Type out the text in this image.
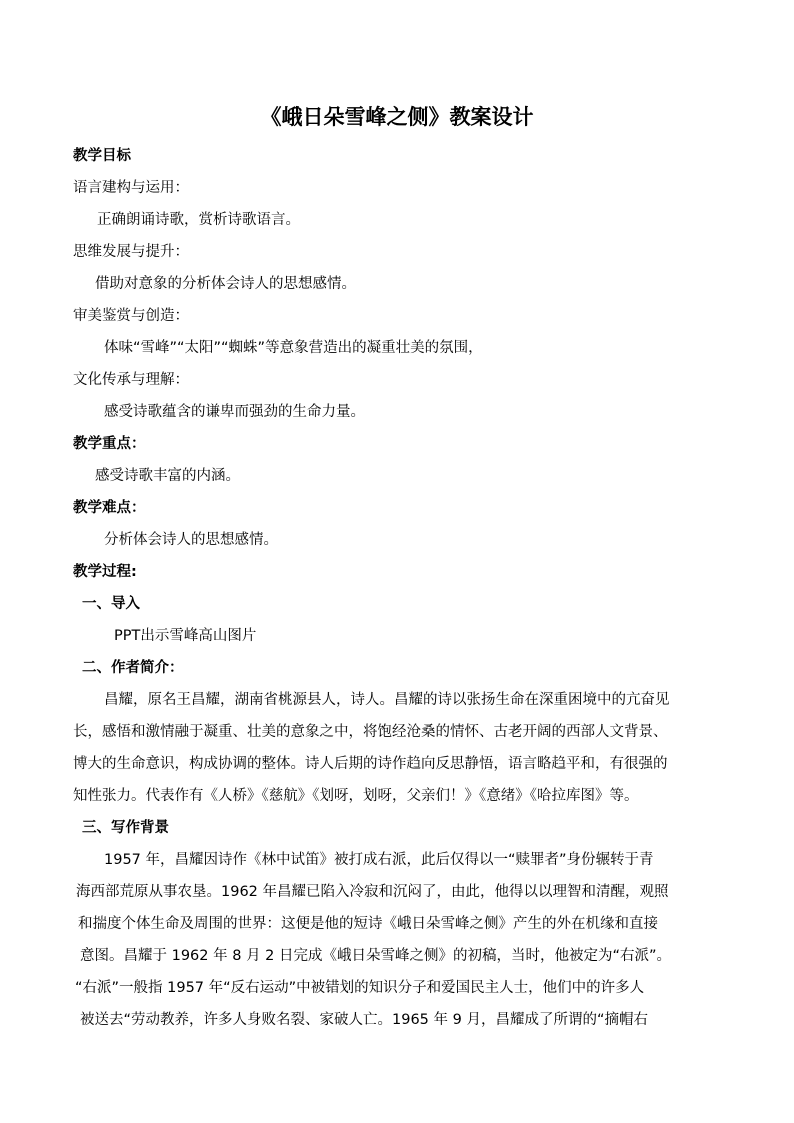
《峨日朵雪峰之侧》教案设计
教学目标
语言建构与运用：
正确朗诵诗歌，赏析诗歌语言。
思维发展与提升：
借助对意象的分析体会诗人的思想感情。
审美鉴赏与创造：
体味“雪峰”“太阳”“蜘蛛”等意象营造出的凝重壮美的氛围，
文化传承与理解：
感受诗歌蕴含的谦卑而强劲的生命力量。
教学重点：
感受诗歌丰富的内涵。
教学难点：
分析体会诗人的思想感情。
教学过程:
一、导入
PPT出示雪峰高山图片
二、作者简介：
昌耀，原名王昌耀，湖南省桃源县人，诗人。昌耀的诗以张扬生命在深重困境中的亢奋见
长，感悟和激情融于凝重、壮美的意象之中，将饱经沧桑的情怀、古老开阔的西部人文背景、
博大的生命意识，构成协调的整体。诗人后期的诗作趋向反思静悟，语言略趋平和，有很强的
知性张力。代表作有《人桥》《慈航》《划呀，划呀，父亲们！》《意绪》《哈拉库图》等。
三、写作背景
1957 年，昌耀因诗作《林中试笛》被打成右派，此后仅得以一“赎罪者”身份辗转于青
海西部荒原从事农垦。1962 年昌耀已陷入冷寂和沉闷了，由此，他得以以理智和清醒，观照
和揣度个体生命及周围的世界：这便是他的短诗《峨日朵雪峰之侧》产生的外在机缘和直接
意图。昌耀于 1962 年 8 月 2 日完成《峨日朵雪峰之侧》的初稿，当时，他被定为“右派”。
“右派”一般指 1957 年“反右运动”中被错划的知识分子和爱国民主人士，他们中的许多人
被送去“劳动教养，许多人身败名裂、家破人亡。1965 年 9 月，昌耀成了所谓的“摘帽右
